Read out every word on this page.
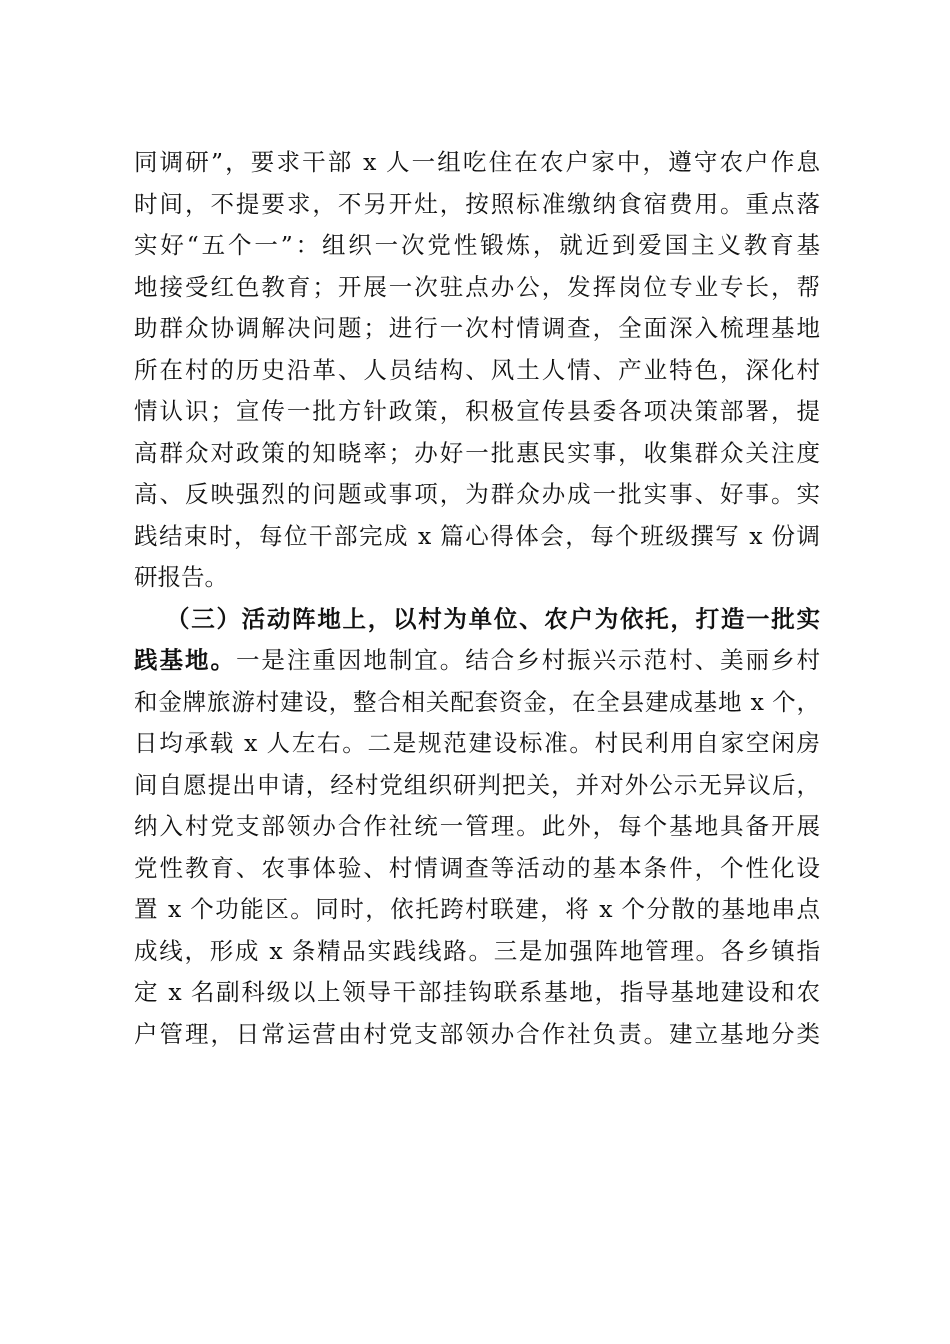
同调研”，要求干部 x 人一组吃住在农户家中，遵守农户作息
时间，不提要求，不另开灶，按照标准缴纳食宿费用。重点落
实好“五个一”：组织一次党性锻炼，就近到爱国主义教育基
地接受红色教育；开展一次驻点办公，发挥岗位专业专长，帮
助群众协调解决问题；进行一次村情调查，全面深入梳理基地
所在村的历史沿革、人员结构、风土人情、产业特色，深化村
情认识；宣传一批方针政策，积极宣传县委各项决策部署，提
高群众对政策的知晓率；办好一批惠民实事，收集群众关注度
高、反映强烈的问题或事项，为群众办成一批实事、好事。实
践结束时，每位干部完成 x 篇心得体会，每个班级撰写 x 份调
研报告。
（三）活动阵地上，以村为单位、农户为依托，打造一批实
践基地。一是注重因地制宜。结合乡村振兴示范村、美丽乡村
和金牌旅游村建设，整合相关配套资金，在全县建成基地 x 个，
日均承载 x 人左右。二是规范建设标准。村民利用自家空闲房
间自愿提出申请，经村党组织研判把关，并对外公示无异议后，
纳入村党支部领办合作社统一管理。此外，每个基地具备开展
党性教育、农事体验、村情调查等活动的基本条件，个性化设
置 x 个功能区。同时，依托跨村联建，将 x 个分散的基地串点
成线，形成 x 条精品实践线路。三是加强阵地管理。各乡镇指
定 x 名副科级以上领导干部挂钩联系基地，指导基地建设和农
户管理，日常运营由村党支部领办合作社负责。建立基地分类
